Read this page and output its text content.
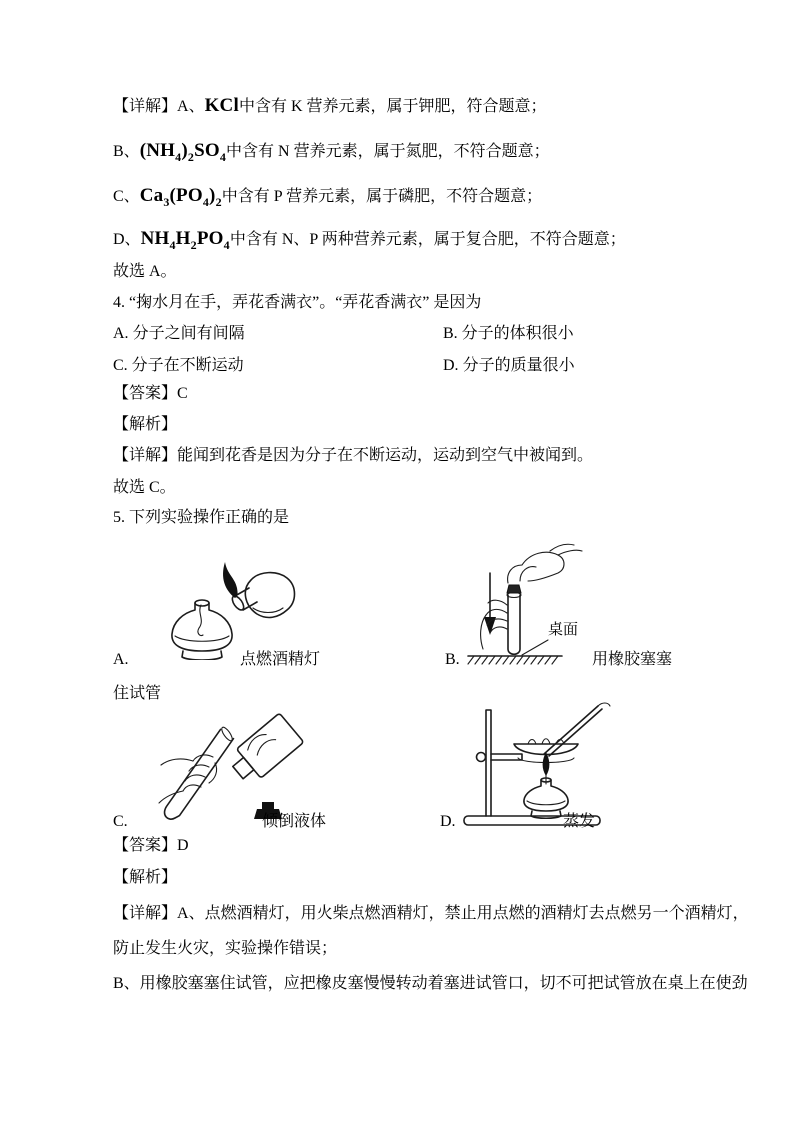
【详解】A、KCl中含有 K 营养元素，属于钾肥，符合题意；
B、$(NH_4)_2SO_4$中含有 N 营养元素，属于氮肥，不符合题意；
C、$Ca_3(PO_4)_2$中含有 P 营养元素，属于磷肥，不符合题意；
D、$NH_4H_2PO_4$中含有 N、P 两种营养元素，属于复合肥，不符合题意；
故选 A。
4. “掬水月在手，弄花香满衣”。“弄花香满衣” 是因为
A. 分子之间有间隔	B. 分子的体积很小
C. 分子在不断运动	D. 分子的质量很小
【答案】C
【解析】
【详解】能闻到花香是因为分子在不断运动，运动到空气中被闻到。
故选 C。
5. 下列实验操作正确的是
桌面
A.	点燃酒精灯	B.	用橡胶塞塞
住试管
C.	倾倒液体	D.	蒸发
【答案】D
【解析】
【详解】A、点燃酒精灯，用火柴点燃酒精灯，禁止用点燃的酒精灯去点燃另一个酒精灯，
防止发生火灾，实验操作错误；
B、用橡胶塞塞住试管，应把橡皮塞慢慢转动着塞进试管口，切不可把试管放在桌上在使劲
